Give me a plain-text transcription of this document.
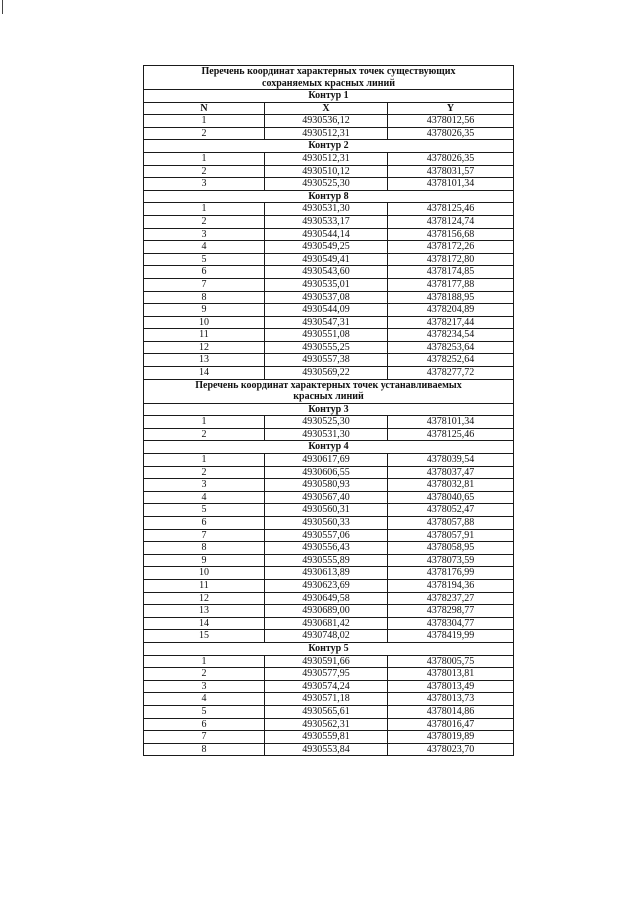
Перечень координат характерных точек существующих
сохраняемых красных линий		

Контур 1		
N	X	Y
1	4930536,12	4378012,56
2	4930512,31	4378026,35
Контур 2		
1	4930512,31	4378026,35
2	4930510,12	4378031,57
3	4930525,30	4378101,34
Контур 8		
1	4930531,30	4378125,46
2	4930533,17	4378124,74
3	4930544,14	4378156,68
4	4930549,25	4378172,26
5	4930549,41	4378172,80
6	4930543,60	4378174,85
7	4930535,01	4378177,88
8	4930537,08	4378188,95
9	4930544,09	4378204,89
10	4930547,31	4378217,44
11	4930551,08	4378234,54
12	4930555,25	4378253,64
13	4930557,38	4378252,64
14	4930569,22	4378277,72

Перечень координат характерных точек устанавливаемых
красных линий		

Контур 3		
1	4930525,30	4378101,34
2	4930531,30	4378125,46
Контур 4		
1	4930617,69	4378039,54
2	4930606,55	4378037,47
3	4930580,93	4378032,81
4	4930567,40	4378040,65
5	4930560,31	4378052,47
6	4930560,33	4378057,88
7	4930557,06	4378057,91
8	4930556,43	4378058,95
9	4930555,89	4378073,59
10	4930613,89	4378176,99
11	4930623,69	4378194,36
12	4930649,58	4378237,27
13	4930689,00	4378298,77
14	4930681,42	4378304,77
15	4930748,02	4378419,99
Контур 5		
1	4930591,66	4378005,75
2	4930577,95	4378013,81
3	4930574,24	4378013,49
4	4930571,18	4378013,73
5	4930565,61	4378014,86
6	4930562,31	4378016,47
7	4930559,81	4378019,89
8	4930553,84	4378023,70
